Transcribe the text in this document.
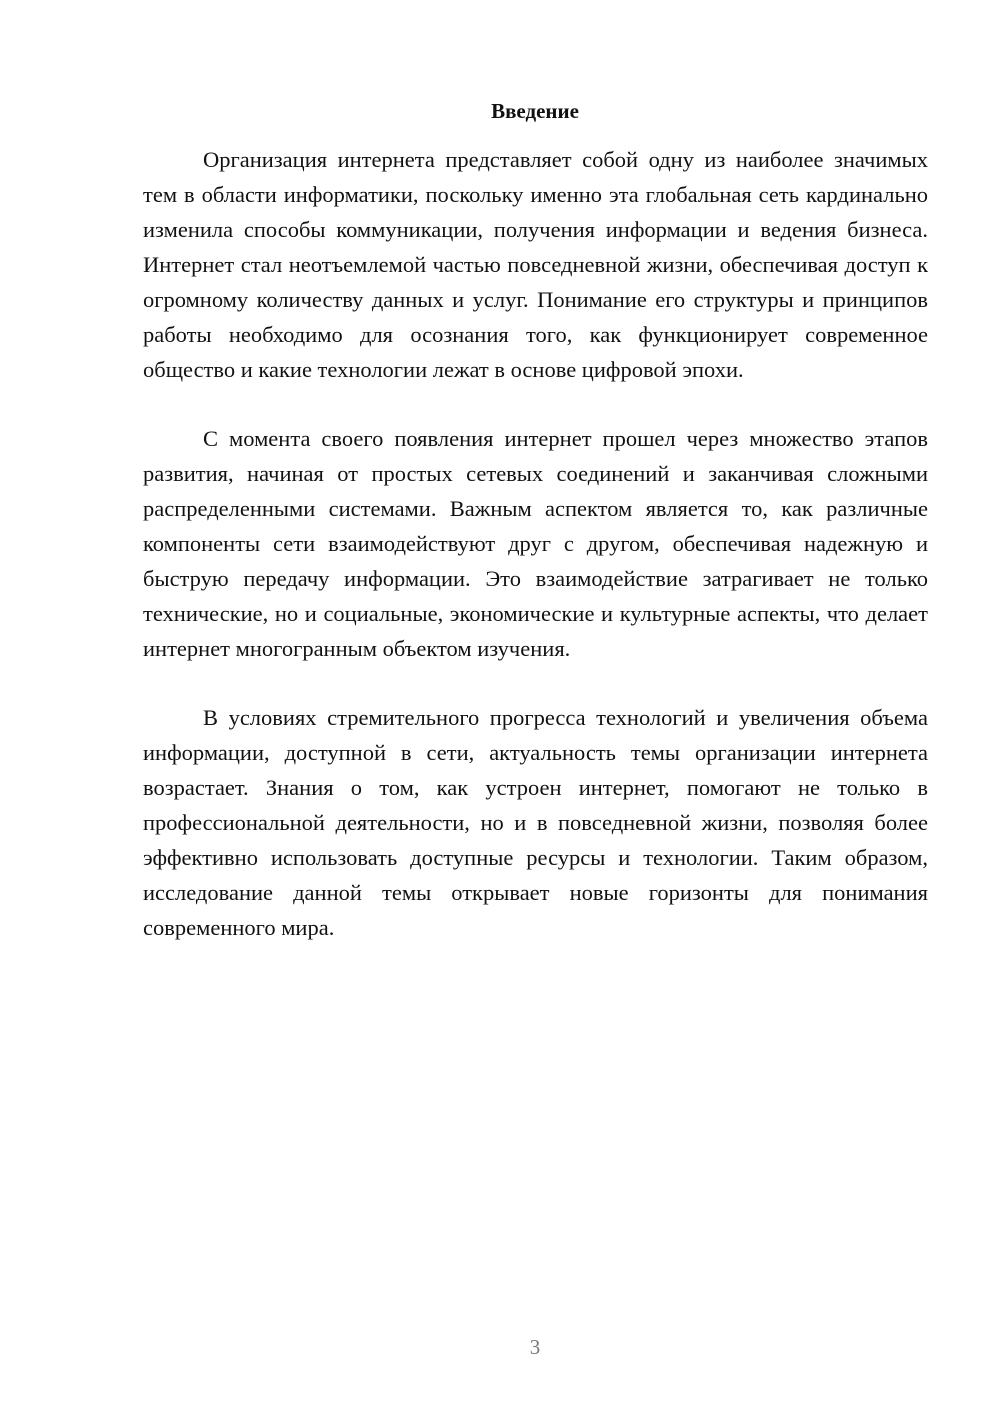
Введение

Организация интернета представляет собой одну из наиболее значимых тем в области информатики, поскольку именно эта глобальная сеть кардинально изменила способы коммуникации, получения информации и ведения бизнеса. Интернет стал неотъемлемой частью повседневной жизни, обеспечивая доступ к огромному количеству данных и услуг. Понимание его структуры и принципов работы необходимо для осознания того, как функционирует современное общество и какие технологии лежат в основе цифровой эпохи.

С момента своего появления интернет прошел через множество этапов развития, начиная от простых сетевых соединений и заканчивая сложными распределенными системами. Важным аспектом является то, как различные компоненты сети взаимодействуют друг с другом, обеспечивая надежную и быструю передачу информации. Это взаимодействие затрагивает не только технические, но и социальные, экономические и культурные аспекты, что делает интернет многогранным объектом изучения.

В условиях стремительного прогресса технологий и увеличения объема информации, доступной в сети, актуальность темы организации интернета возрастает. Знания о том, как устроен интернет, помогают не только в профессиональной деятельности, но и в повседневной жизни, позволяя более эффективно использовать доступные ресурсы и технологии. Таким образом, исследование данной темы открывает новые горизонты для понимания современного мира.

3
